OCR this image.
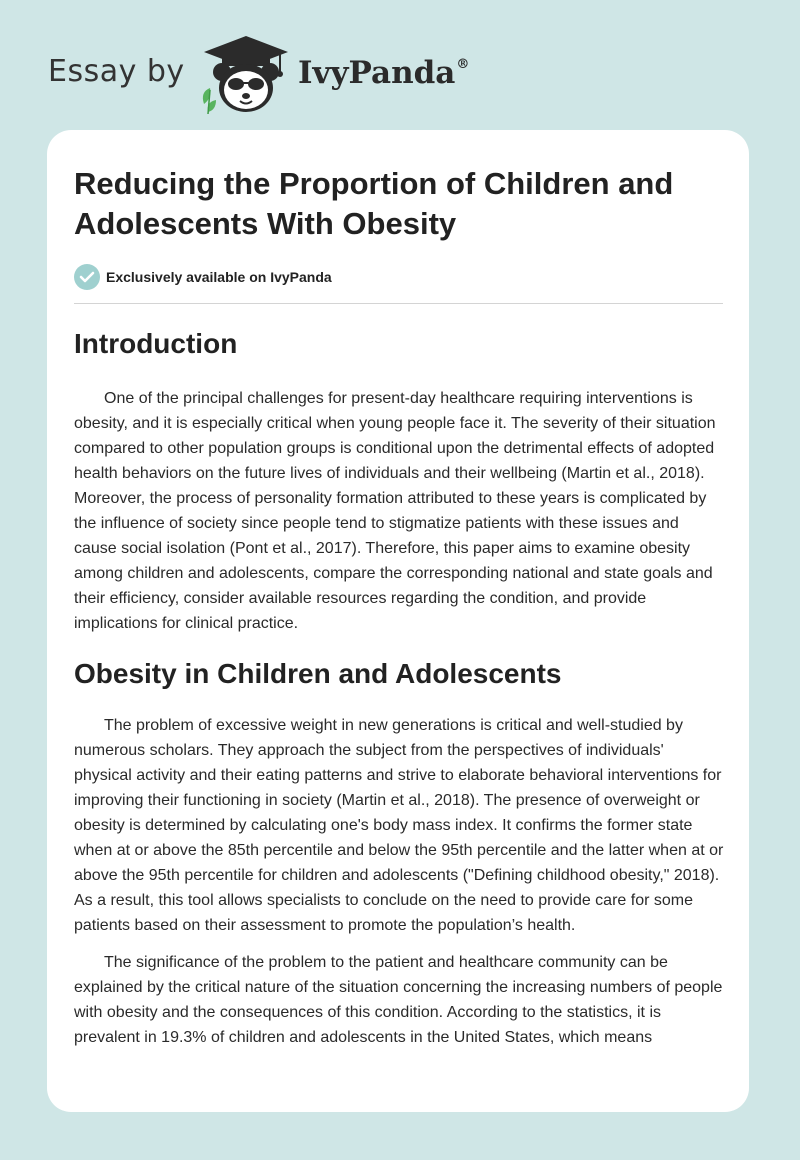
Essay by	IvyPanda®
Reducing the Proportion of Children and Adolescents With Obesity
Exclusively available on IvyPanda
Introduction

One of the principal challenges for present-day healthcare requiring interventions is obesity, and it is especially critical when young people face it. The severity of their situation compared to other population groups is conditional upon the detrimental effects of adopted health behaviors on the future lives of individuals and their wellbeing (Martin et al., 2018). Moreover, the process of personality formation attributed to these years is complicated by the influence of society since people tend to stigmatize patients with these issues and cause social isolation (Pont et al., 2017). Therefore, this paper aims to examine obesity among children and adolescents, compare the corresponding national and state goals and their efficiency, consider available resources regarding the condition, and provide implications for clinical practice.

Obesity in Children and Adolescents

The problem of excessive weight in new generations is critical and well-studied by numerous scholars. They approach the subject from the perspectives of individuals' physical activity and their eating patterns and strive to elaborate behavioral interventions for improving their functioning in society (Martin et al., 2018). The presence of overweight or obesity is determined by calculating one's body mass index. It confirms the former state when at or above the 85th percentile and below the 95th percentile and the latter when at or above the 95th percentile for children and adolescents ("Defining childhood obesity," 2018). As a result, this tool allows specialists to conclude on the need to provide care for some patients based on their assessment to promote the population’s health.

The significance of the problem to the patient and healthcare community can be explained by the critical nature of the situation concerning the increasing numbers of people with obesity and the consequences of this condition. According to the statistics, it is prevalent in 19.3% of children and adolescents in the United States, which means
